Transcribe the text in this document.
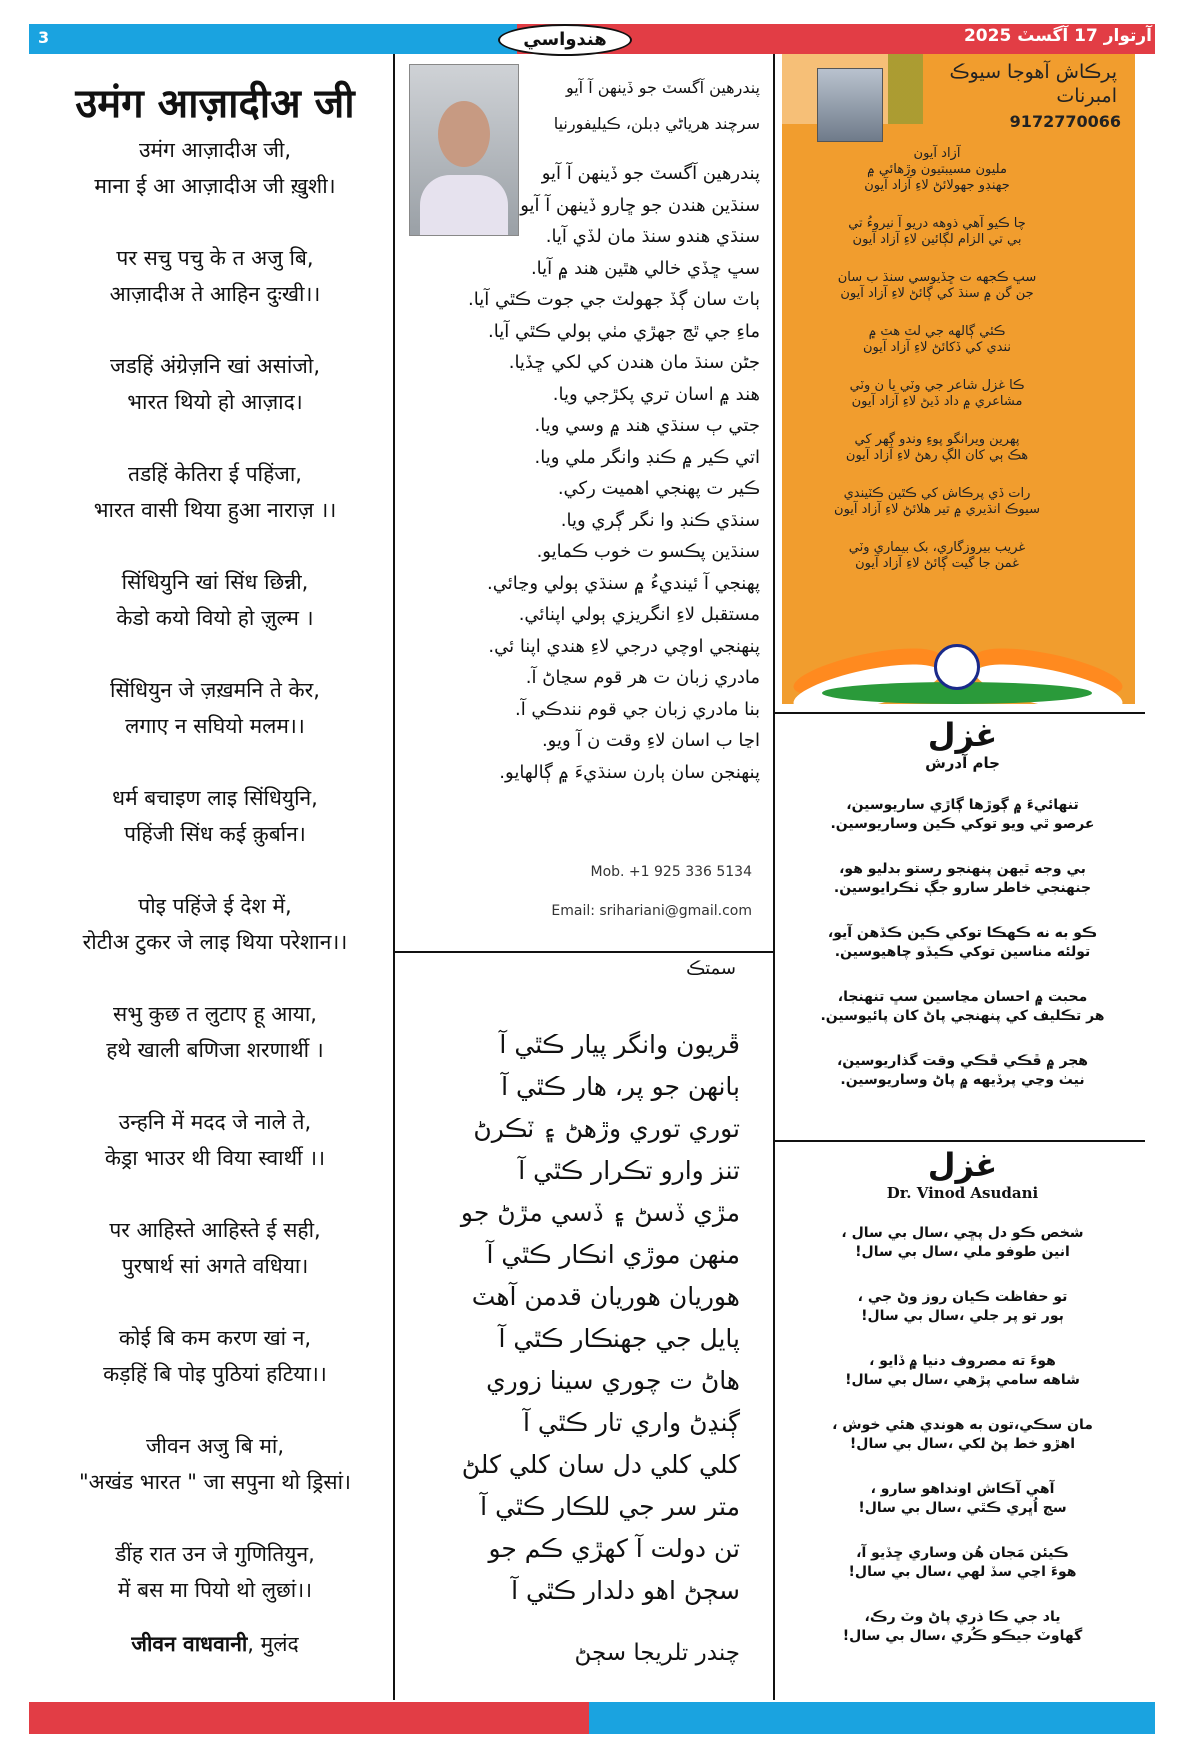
3	آرتوار 17 آگسٽ 2025
هندواسي
उमंग आज़ादीअ जी
उमंग आज़ादीअ जी,
माना ई आ आज़ादीअ जी ख़ुशी।
पर सचु पचु के त अजु बि,
आज़ादीअ ते आहिन दुःखी।।
जडहिं अंग्रेज़नि खां असांजो,
भारत थियो हो आज़ाद।
तडहिं केतिरा ई पहिंजा,
भारत वासी थिया हुआ नाराज़ ।।
सिंधियुनि खां सिंध छिन्नी,
केडो कयो वियो हो ज़ुल्म ।
सिंधियुन जे ज़ख़मनि ते केर,
लगाए न सघियो मलम।।
धर्म बचाइण लाइ सिंधियुनि,
पहिंजी सिंध कई क़ुर्बान।
पोइ पहिंजे ई देश में,
रोटीअ टुकर जे लाइ थिया परेशान।।
सभु कुछ त लुटाए हू आया,
हथे खाली बणिजा शरणार्थी ।
उन्हनि में मदद जे नाले ते,
केड्रा भाउर थी विया स्वार्थी ।।
पर आहिस्ते आहिस्ते ई सही,
पुरषार्थ सां अगते वधिया।
कोई बि कम करण खां न,
कड़हिं बि पोइ पुठियां हटिया।।
जीवन अजु बि मां,
"अखंड भारत " जा सपुना थो ड्रिसां।
डींह रात उन जे गुणितियुन,
में बस मा पियो थो लुछां।।
जीवन वाधवानी, मुलंद
پندرهين آگسٽ جو ڏينهن آ آيو
سرچند هرياڻي ڊبلن، ڪيليفورنيا
پندرهين آگسٽ جو ڏينهن آ آيو
سنڌين هندن جو ڇارو ڏينهن آ آيو
سنڌي هندو سنڌ مان لڏي آيا.
سڀ ڇڏي خالي هٿين هند ۾ آيا.
ٻاٽ سان ڳڏ جهولٽ جي جوت ڪٿي آيا.
ماءِ جي ٿڃ جهڙي مٺي ٻولي ڪٿي آيا.
جڻن سنڌ مان هندن کي لکي ڇڏيا.
هند ۾ اسان تري پکڙجي ويا.
جتي ٻ سنڌي هند ۾ وسي ويا.
اتي ڪير ۾ ڪنڊ وانگر ملي ويا.
ڪير ت پهنجي اهميت رکي.
سنڌي ڪنڊ وا نگر ڳري ويا.
سنڌين پڪسو ت خوب ڪمايو.
پهنجي آ ئينديءُ ۾ سنڌي ٻولي وڃائي.
مستقبل لاءِ انگريزي ٻولي اپنائي.
پنهنجي اوچي درجي لاءِ هندي اپنا ئي.
مادري زبان ت هر قوم سڃاڻ آ.
بنا مادري زبان جي قوم نندڪي آ.
اڃا ب اسان لاءِ وقت ن آ ويو.
پنهنجن سان ٻارن سنڌيءَ ۾ ڳالهايو.
Mob. +1 925 336 5134
Email: srihariani@gmail.com
سمتڪ
ڦريون وانگر پيار ڪٿي آ
ٻانهن جو پر، هار ڪٿي آ
توري توري وڙهڻ ۽ ٽڪرڻ
تنز وارو تڪرار ڪٿي آ
مڙي ڏسڻ ۽ ڏسي مڙڻ جو
منهن موڙي انڪار ڪٿي آ
هوريان هوريان قدمن آهٽ
پايل جي جهنڪار ڪٿي آ
هاڻ ت چوري سينا زوري
ڳنڍڻ واري تار ڪٿي آ
کلي کلي دل سان کلي کلڻ
متر سر جي للڪار ڪٿي آ
تن دولت آ کهڙي ڪم جو
سڄڻ اهو دلدار ڪٿي آ
چندر تلريجا سڄڻ
پرڪاش آهوجا سيوڪ
امبرنات
9172770066
آزاد آيون
مليون مسيبتيون وڙهائي ۾
جهنڊو جهولائڻ لاءِ آزاد آيون
چا ڪيو آهي ذوهه دريو آ نيروءُ تي
بي تي الزام لڳائين لاءِ آزاد آيون
سڀ ڪجهه ت ڇڏيوسي سنڌ ب سان
جن گن ۾ سنڌ کي ڳائڻ لاءِ آزاد آيون
ڪئي ڳالهه جي لٽ هٽ ۾
نندي کي ڏکائڻ لاءِ آزاد آيون
ڪا غزل شاعر جي وٽي يا ن وٽي
مشاعري ۾ داد ڏيڻ لاءِ آزاد آيون
پهرين ويرانگو پوءِ وندو ڳهر کي
هڪ ٻي کان الڳ رهڻ لاءِ آزاد آيون
رات ڏي پرڪاش کي ڪٿين ڪٽيندي
سيوڪ انڌيري ۾ تير هلائڻ لاءِ آزاد آيون
غريب بيروزگاري، بک بيماري وٽي
غمن جا گيت ڳائڻ لاءِ آزاد آيون
غزل
جام آدرش
تنهائيءَ ۾ ڳوڙها ڳاڙي ساريوسين،
عرصو ٿي ويو توکي ڪين وساريوسين.
بي وجه ٿيهن پنهنجو رستو بدليو هو،
جنهنجي خاطر سارو جڳ ٺڪرايوسين.
ڪو به نه ڪهڪا توکي ڪين ڪڏهن آيو،
تولئه مناسين توکي ڪيڏو چاهيوسين.
محبت ۾ احسان مڃاسين سڀ تنهنجا،
هر تڪليف کي پنهنجي پاڻ کان پائيوسين.
هجر ۾ ڦڪي ڦڪي وقت گذاريوسين،
نيٺ وڃي پرڏيهه ۾ پاڻ وساريوسين.
غزل
Dr. Vinod Asudani
شخص ڪو دل پڇي ،سال بي سال ،
انين طوفو ملي ،سال بي سال!
تو حفاظت ڪيان روز وڻ جي ،
ٻور تو پر جلي ،سال بي سال!
هوءَ ته مصروف دنيا ۾ ڏايو ،
شاهه سامي پڙهي ،سال بي سال!
مان سڪي،تون به هوندي هئي خوش ،
اهڙو خط پڻ لکي ،سال بي سال!
آهي آڪاش اونداهو سارو ،
سج اُڀري ڪٿي ،سال بي سال!
ڪيئن مَجان هُن وساري ڇڏيو آ،
هوءَ اڃي سڏ لهي ،سال بي سال!
ياد جي ڪا ذري پاڻ وٽ رڪ،
گهاوٽ جيڪو ڪُري ،سال بي سال!
